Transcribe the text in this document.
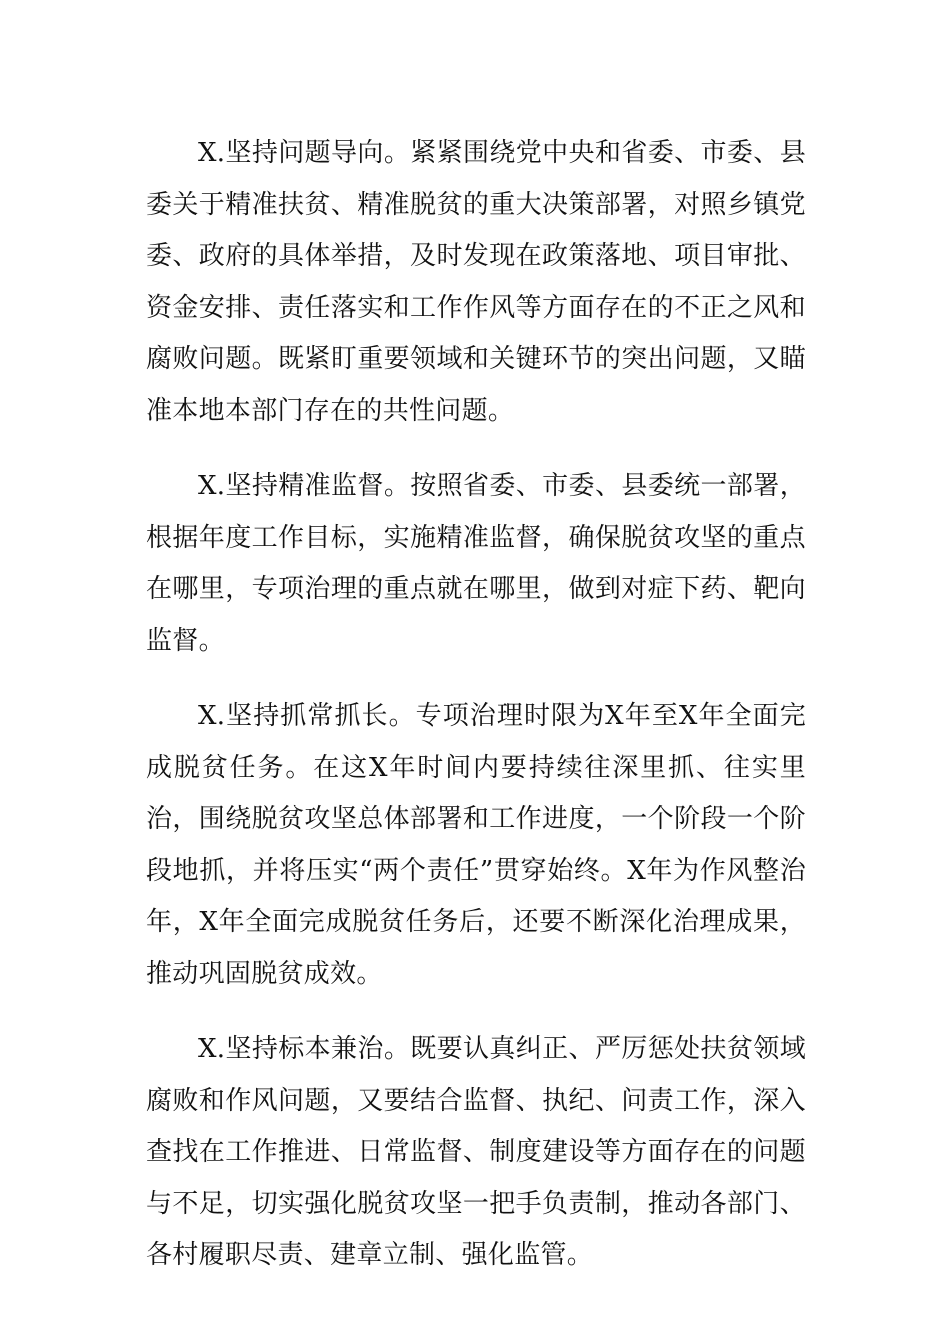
X.坚持问题导向。紧紧围绕党中央和省委、市委、县委关于精准扶贫、精准脱贫的重大决策部署，对照乡镇党委、政府的具体举措，及时发现在政策落地、项目审批、资金安排、责任落实和工作作风等方面存在的不正之风和腐败问题。既紧盯重要领域和关键环节的突出问题，又瞄准本地本部门存在的共性问题。

X.坚持精准监督。按照省委、市委、县委统一部署，根据年度工作目标，实施精准监督，确保脱贫攻坚的重点在哪里，专项治理的重点就在哪里，做到对症下药、靶向监督。

X.坚持抓常抓长。专项治理时限为X年至X年全面完成脱贫任务。在这X年时间内要持续往深里抓、往实里治，围绕脱贫攻坚总体部署和工作进度，一个阶段一个阶段地抓，并将压实“两个责任”贯穿始终。X年为作风整治年，X年全面完成脱贫任务后，还要不断深化治理成果，推动巩固脱贫成效。

X.坚持标本兼治。既要认真纠正、严厉惩处扶贫领域腐败和作风问题，又要结合监督、执纪、问责工作，深入查找在工作推进、日常监督、制度建设等方面存在的问题与不足，切实强化脱贫攻坚一把手负责制，推动各部门、各村履职尽责、建章立制、强化监管。
